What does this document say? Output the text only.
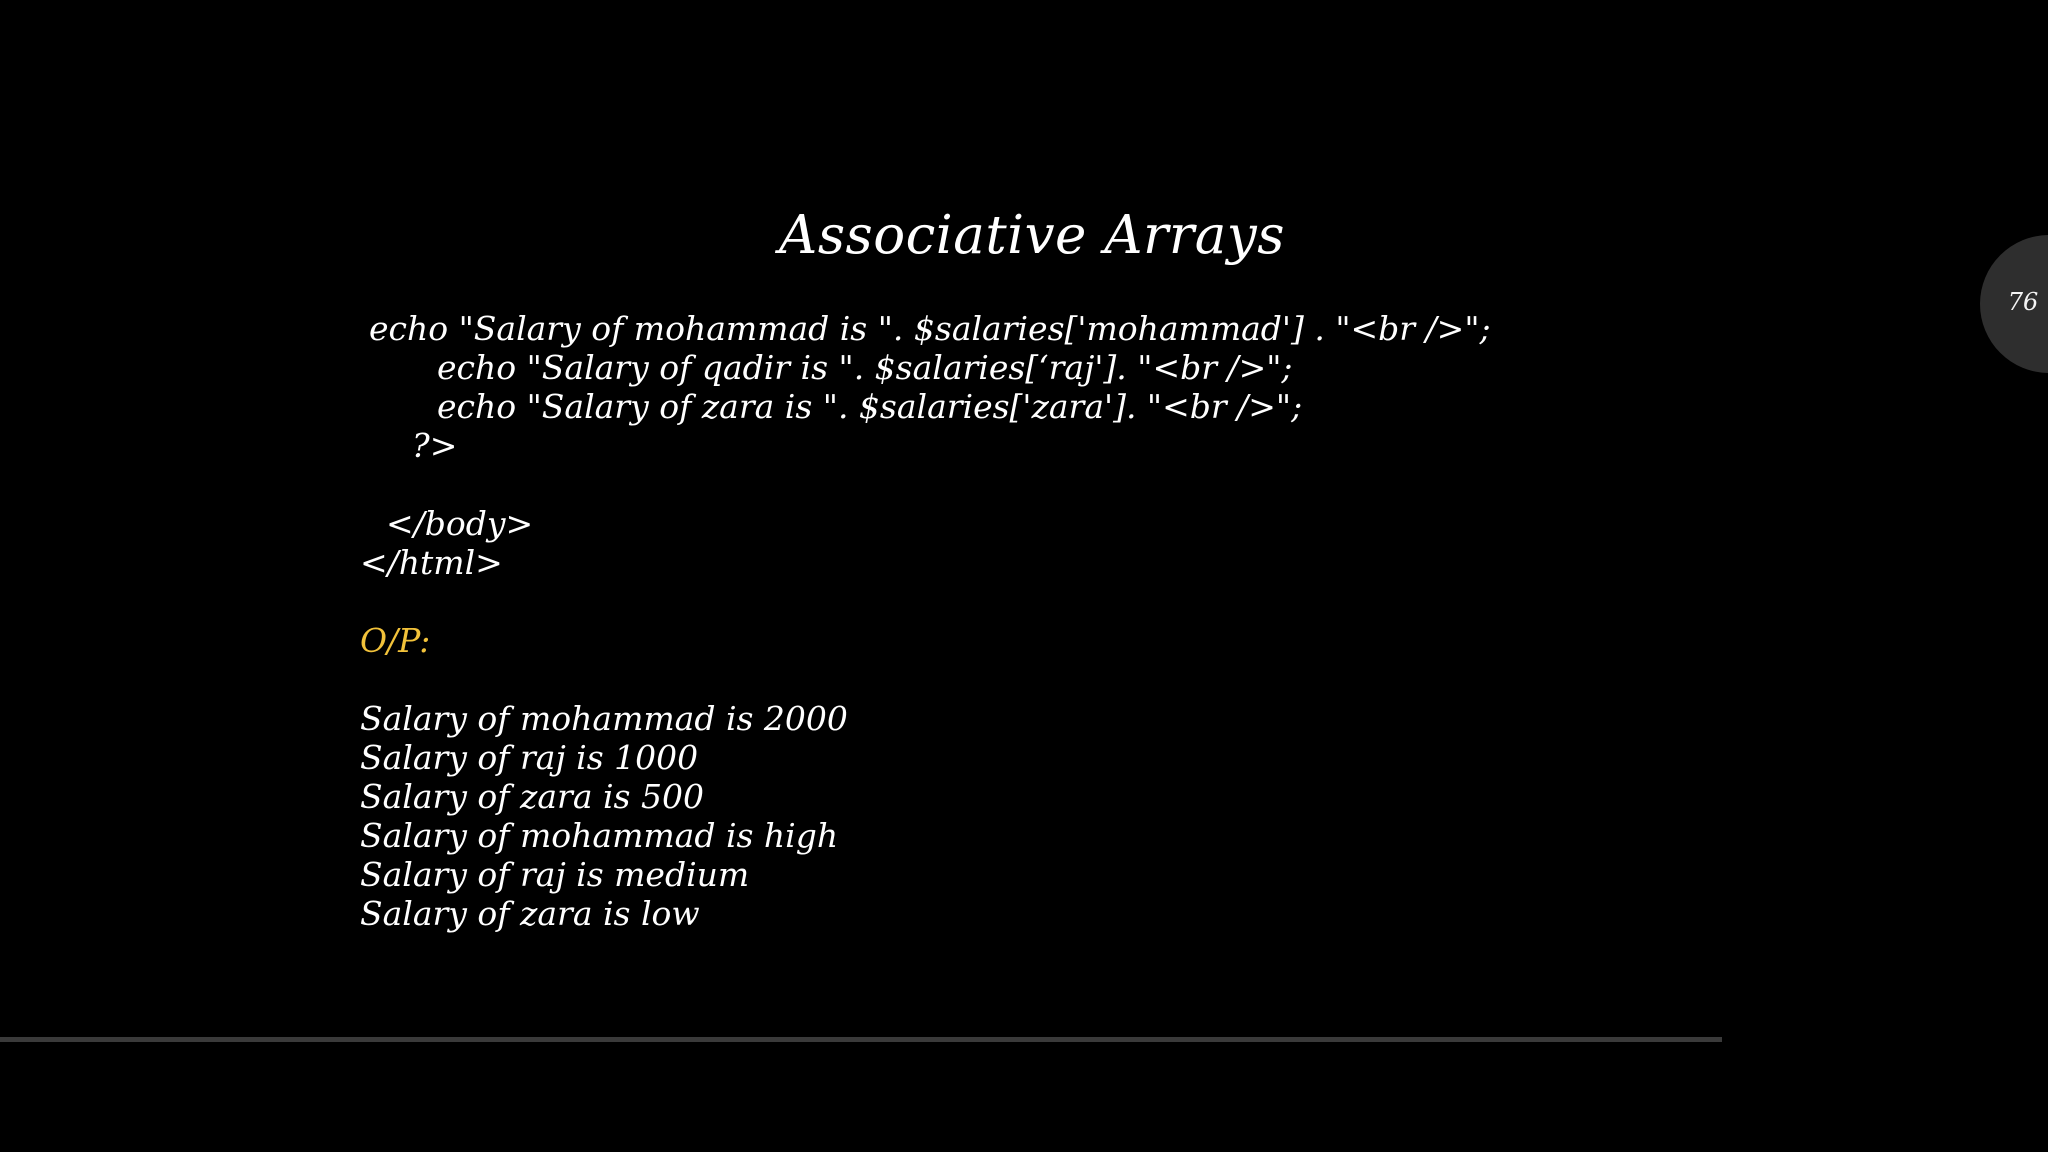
Associative Arrays
76
echo "Salary of mohammad is ". $salaries['mohammad'] . "<br />";
echo "Salary of qadir is ". $salaries[‘raj']. "<br />";
echo "Salary of zara is ". $salaries['zara']. "<br />";
?>
</body>
</html>
O/P:
Salary of mohammad is 2000
Salary of raj is 1000
Salary of zara is 500
Salary of mohammad is high
Salary of raj is medium
Salary of zara is low
